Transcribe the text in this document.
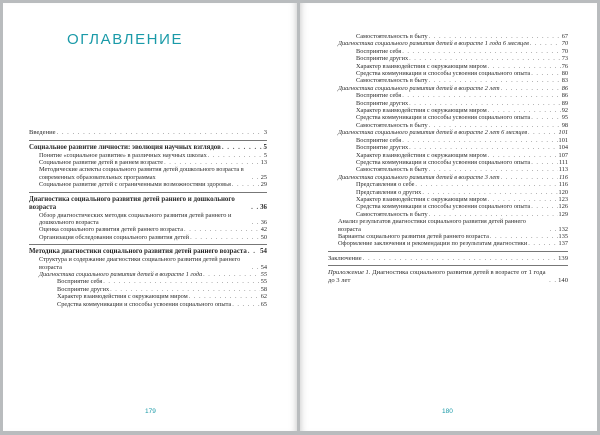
ОГЛАВЛЕНИЕ
Введение . . .	3
Социальное развитие личности: эволюция научных взглядов . . .	5
Понятие «социальное развитие» в различных научных школах . . .	5
Социальное развитие детей в раннем возрасте . . .	13
Методические аспекты социального развития детей дошкольного возраста в современных образовательных программах . . .	25
Социальное развитие детей с ограниченными возможностями здоровья . . .	29
Диагностика социального развития детей раннего и дошкольного возраста . . .	36
Обзор диагностических методик социального развития детей раннего и дошкольного возраста . . .	36
Оценка социального развития детей раннего возраста . . .	42
Организация обследования социального развития детей . . .	50
Методика диагностики социального развития детей раннего возраста . . . 54
Структура и содержание диагностики социального развития детей раннего возраста . . .	54
Диагностика социального развития детей в возрасте 1 года . . .	55
Восприятие себя . . .	55
Восприятие других . . .	58
Характер взаимодействия с окружающим миром . . .	62
Средства коммуникации и способы усвоения социального опыта . . .	65
179
Самостоятельность в быту . . .	67
Диагностика социального развития детей в возрасте 1 года 6 месяцев . . .	70
Восприятие себя . . .	70
Восприятие других . . .	73
Характер взаимодействия с окружающим миром . . .	76
Средства коммуникации и способы усвоения социального опыта . . .	80
Самостоятельность в быту . . .	83
Диагностика социального развития детей в возрасте 2 лет . . .	86
Восприятие себя . . .	86
Восприятие других . . .	89
Характер взаимодействия с окружающим миром . . .	92
Средства коммуникации и способы усвоения социального опыта . . .	95
Самостоятельность в быту . . .	98
Диагностика социального развития детей в возрасте 2 лет 6 месяцев . . .	101
Восприятие себя . . .	101
Восприятие других . . .	104
Характер взаимодействия с окружающим миром . . .	107
Средства коммуникации и способы усвоения социального опыта . . .	111
Самостоятельность в быту . . .	113
Диагностика социального развития детей в возрасте 3 лет . . .	116
Представления о себе . . .	116
Представления о других . . .	120
Характер взаимодействия с окружающим миром . . .	123
Средства коммуникации и способы усвоения социального опыта . . .	126
Самостоятельность в быту . . .	129
Анализ результатов диагностики социального развития детей раннего возраста . . .	132
Варианты социального развития детей раннего возраста . . .	135
Оформление заключения и рекомендации по результатам диагностики . . .	137
Заключение . . .	139
Приложение 1. Диагностика социального развития детей в возрасте от 1 года до 3 лет . . .	140
180
